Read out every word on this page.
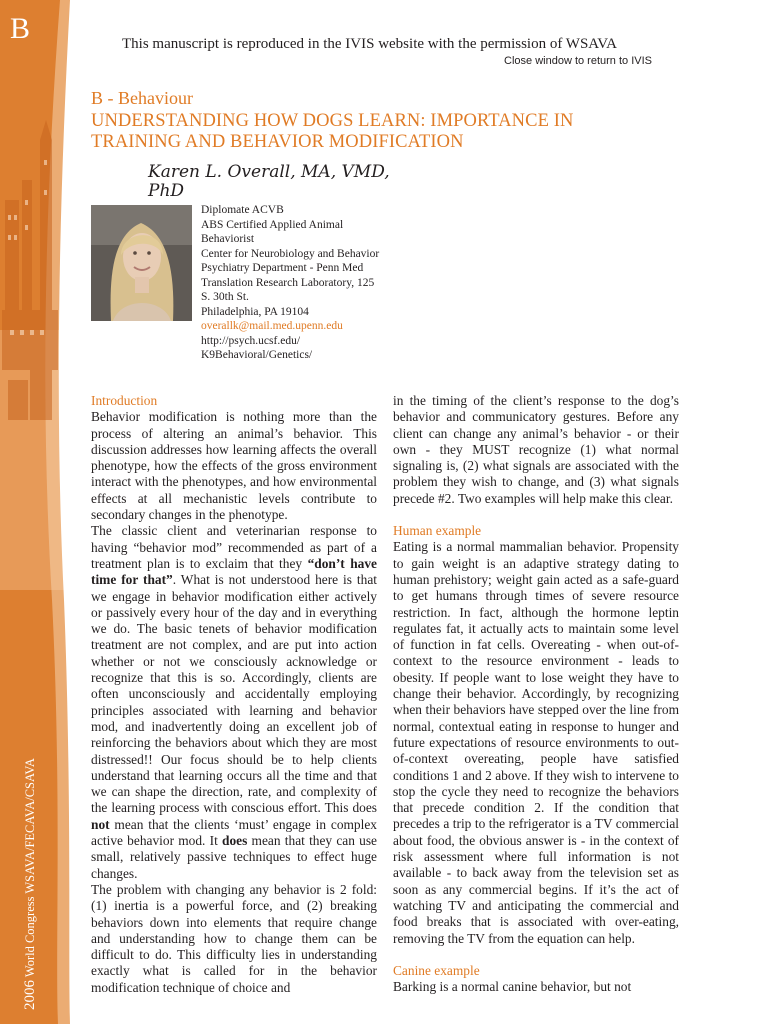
B
2006 World Congress WSAVA/FECAVA/CSAVA
This manuscript is reproduced in the IVIS website with the permission of WSAVA
Close window to return to IVIS
B - Behaviour
UNDERSTANDING HOW DOGS LEARN: IMPORTANCE IN TRAINING AND BEHAVIOR MODIFICATION
Karen L. Overall, MA, VMD, PhD
Diplomate ACVB
ABS Certified Applied Animal Behaviorist
Center for Neurobiology and Behavior
Psychiatry Department - Penn Med Translation Research Laboratory, 125 S. 30th St.
Philadelphia, PA 19104
overallk@mail.med.upenn.edu
http://psych.ucsf.edu/ K9Behavioral/Genetics/

Introduction

Behavior modification is nothing more than the process of altering an animal’s behavior. This discussion addresses how learning affects the overall phenotype, how the effects of the gross environment interact with the phenotypes, and how environmental effects at all mechanistic levels contribute to secondary changes in the phenotype.

The classic client and veterinarian response to having “behavior mod” recommended as part of a treatment plan is to exclaim that they “don’t have time for that”. What is not understood here is that we engage in behavior modification either actively or passively every hour of the day and in everything we do. The basic tenets of behavior modification treatment are not complex, and are put into action whether or not we consciously acknowledge or recognize that this is so. Accordingly, clients are often unconsciously and accidentally employing principles associated with learning and behavior mod, and inadvertently doing an excellent job of reinforcing the behaviors about which they are most distressed!! Our focus should be to help clients understand that learning occurs all the time and that we can shape the direction, rate, and complexity of the learning process with conscious effort. This does not mean that the clients ‘must’ engage in complex active behavior mod. It does mean that they can use small, relatively passive techniques to effect huge changes.

The problem with changing any behavior is 2 fold: (1) inertia is a powerful force, and (2) breaking behaviors down into elements that require change and understanding how to change them can be difficult to do. This difficulty lies in understanding exactly what is called for in the behavior modification technique of choice and

in the timing of the client’s response to the dog’s behavior and communicatory gestures. Before any client can change any animal’s behavior - or their own - they MUST recognize (1) what normal signaling is, (2) what signals are associated with the problem they wish to change, and (3) what signals precede #2. Two examples will help make this clear.

Human example

Eating is a normal mammalian behavior. Propensity to gain weight is an adaptive strategy dating to human prehistory; weight gain acted as a safe-guard to get humans through times of severe resource restriction. In fact, although the hormone leptin regulates fat, it actually acts to maintain some level of function in fat cells. Overeating - when out-of-context to the resource environment - leads to obesity. If people want to lose weight they have to change their behavior. Accordingly, by recognizing when their behaviors have stepped over the line from normal, contextual eating in response to hunger and future expectations of resource environments to out-of-context overeating, people have satisfied conditions 1 and 2 above. If they wish to intervene to stop the cycle they need to recognize the behaviors that precede condition 2. If the condition that precedes a trip to the refrigerator is a TV commercial about food, the obvious answer is - in the context of risk assessment where full information is not available - to back away from the television set as soon as any commercial begins. If it’s the act of watching TV and anticipating the commercial and food breaks that is associated with over-eating, removing the TV from the equation can help.

Canine example

Barking is a normal canine behavior, but not
